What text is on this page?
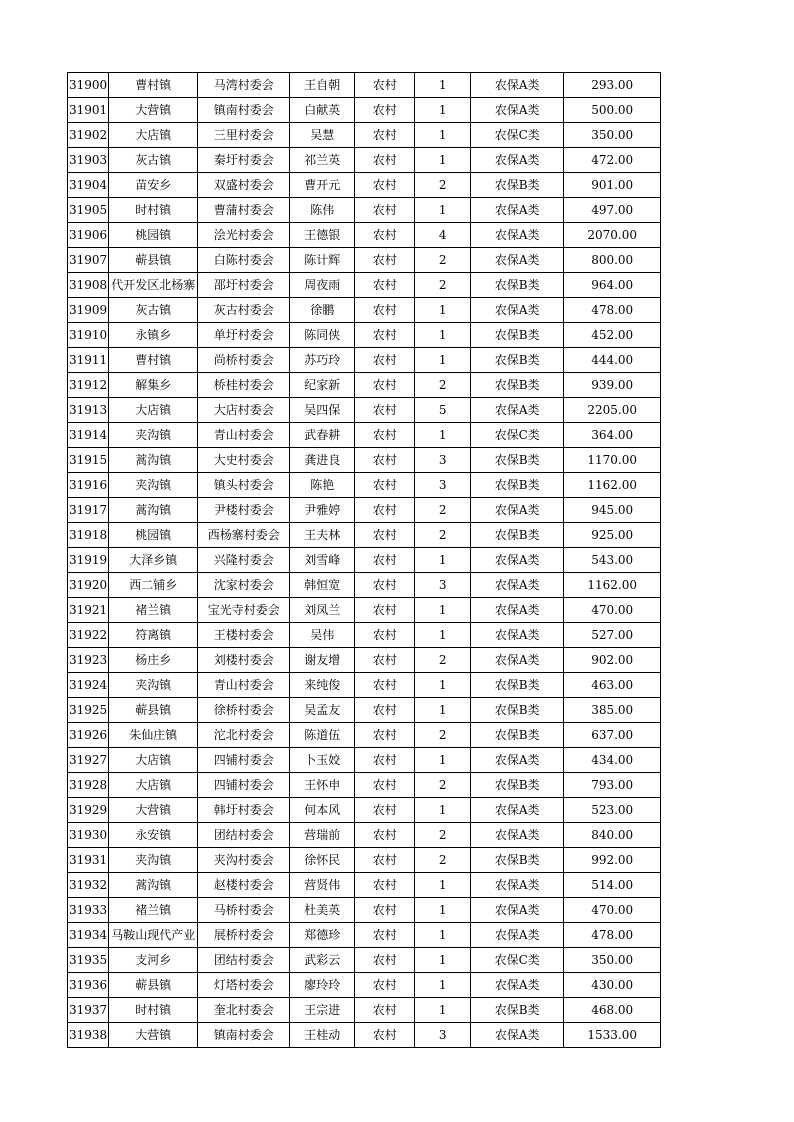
31900	曹村镇	马湾村委会	王自朝	农村	1	农保A类	293.00
31901	大营镇	镇南村委会	白献英	农村	1	农保A类	500.00
31902	大店镇	三里村委会	吴慧	农村	1	农保C类	350.00
31903	灰古镇	秦圩村委会	祁兰英	农村	1	农保A类	472.00
31904	苗安乡	双盛村委会	曹开元	农村	2	农保B类	901.00
31905	时村镇	曹蒲村委会	陈伟	农村	1	农保A类	497.00
31906	桃园镇	浍光村委会	王德银	农村	4	农保A类	2070.00
31907	蕲县镇	白陈村委会	陈计辉	农村	2	农保A类	800.00
31908	代开发区北杨寨	邵圩村委会	周夜雨	农村	2	农保B类	964.00
31909	灰古镇	灰古村委会	徐鹏	农村	1	农保A类	478.00
31910	永镇乡	单圩村委会	陈同侠	农村	1	农保B类	452.00
31911	曹村镇	尚桥村委会	苏巧玲	农村	1	农保B类	444.00
31912	解集乡	桥桂村委会	纪家新	农村	2	农保B类	939.00
31913	大店镇	大店村委会	吴四保	农村	5	农保A类	2205.00
31914	夹沟镇	青山村委会	武春耕	农村	1	农保C类	364.00
31915	蒿沟镇	大史村委会	龚进良	农村	3	农保B类	1170.00
31916	夹沟镇	镇头村委会	陈艳	农村	3	农保B类	1162.00
31917	蒿沟镇	尹楼村委会	尹雅婷	农村	2	农保A类	945.00
31918	桃园镇	西杨寨村委会	王夫林	农村	2	农保B类	925.00
31919	大泽乡镇	兴隆村委会	刘雪峰	农村	1	农保A类	543.00
31920	西二铺乡	沈家村委会	韩恒宽	农村	3	农保A类	1162.00
31921	褚兰镇	宝光寺村委会	刘凤兰	农村	1	农保A类	470.00
31922	符离镇	王楼村委会	吴伟	农村	1	农保A类	527.00
31923	杨庄乡	刘楼村委会	谢友增	农村	2	农保A类	902.00
31924	夹沟镇	青山村委会	来纯俊	农村	1	农保B类	463.00
31925	蕲县镇	徐桥村委会	吴孟友	农村	1	农保B类	385.00
31926	朱仙庄镇	沱北村委会	陈道伍	农村	2	农保B类	637.00
31927	大店镇	四铺村委会	卜玉姣	农村	1	农保A类	434.00
31928	大店镇	四铺村委会	王怀申	农村	2	农保B类	793.00
31929	大营镇	韩圩村委会	何本风	农村	1	农保A类	523.00
31930	永安镇	团结村委会	营瑞前	农村	2	农保A类	840.00
31931	夹沟镇	夹沟村委会	徐怀民	农村	2	农保B类	992.00
31932	蒿沟镇	赵楼村委会	营贤伟	农村	1	农保A类	514.00
31933	褚兰镇	马桥村委会	杜美英	农村	1	农保A类	470.00
31934	马鞍山现代产业	展桥村委会	郑德珍	农村	1	农保A类	478.00
31935	支河乡	团结村委会	武彩云	农村	1	农保C类	350.00
31936	蕲县镇	灯塔村委会	廖玲玲	农村	1	农保A类	430.00
31937	时村镇	奎北村委会	王宗进	农村	1	农保B类	468.00
31938	大营镇	镇南村委会	王桂动	农村	3	农保A类	1533.00
